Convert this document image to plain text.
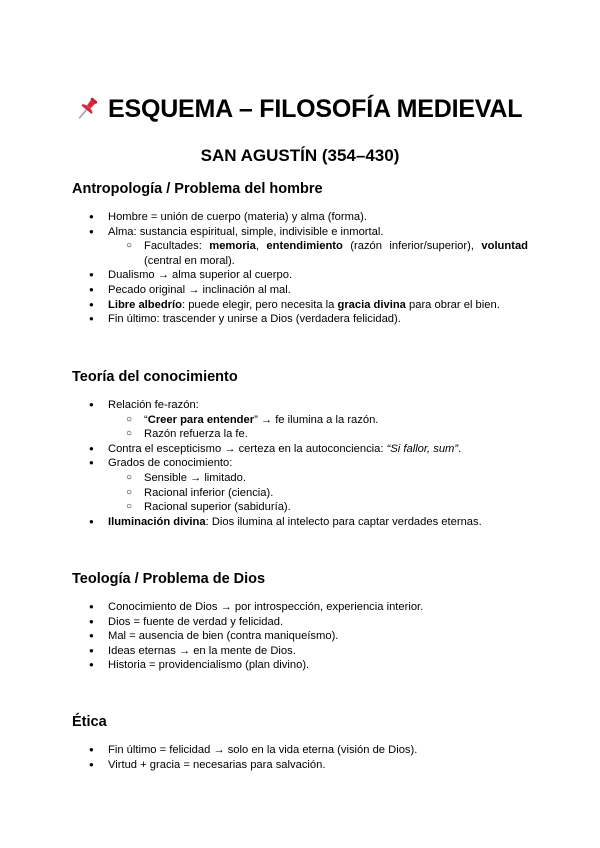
ESQUEMA – FILOSOFÍA MEDIEVAL
SAN AGUSTÍN (354–430)
Antropología / Problema del hombre
● Hombre = unión de cuerpo (materia) y alma (forma).
● Alma: sustancia espiritual, simple, indivisible e inmortal.
○ Facultades: memoria, entendimiento (razón inferior/superior), voluntad
(central en moral).
● Dualismo → alma superior al cuerpo.
● Pecado original → inclinación al mal.
● Libre albedrío: puede elegir, pero necesita la gracia divina para obrar el bien.
● Fin último: trascender y unirse a Dios (verdadera felicidad).
Teoría del conocimiento
● Relación fe-razón:
○ “Creer para entender” → fe ilumina a la razón.
○ Razón refuerza la fe.
● Contra el escepticismo → certeza en la autoconciencia: “Si fallor, sum”.
● Grados de conocimiento:
○ Sensible → limitado.
○ Racional inferior (ciencia).
○ Racional superior (sabiduría).
● Iluminación divina: Dios ilumina al intelecto para captar verdades eternas.
Teología / Problema de Dios
● Conocimiento de Dios → por introspección, experiencia interior.
● Dios = fuente de verdad y felicidad.
● Mal = ausencia de bien (contra maniqueísmo).
● Ideas eternas → en la mente de Dios.
● Historia = providencialismo (plan divino).
Ética
● Fin último = felicidad → solo en la vida eterna (visión de Dios).
● Virtud + gracia = necesarias para salvación.
